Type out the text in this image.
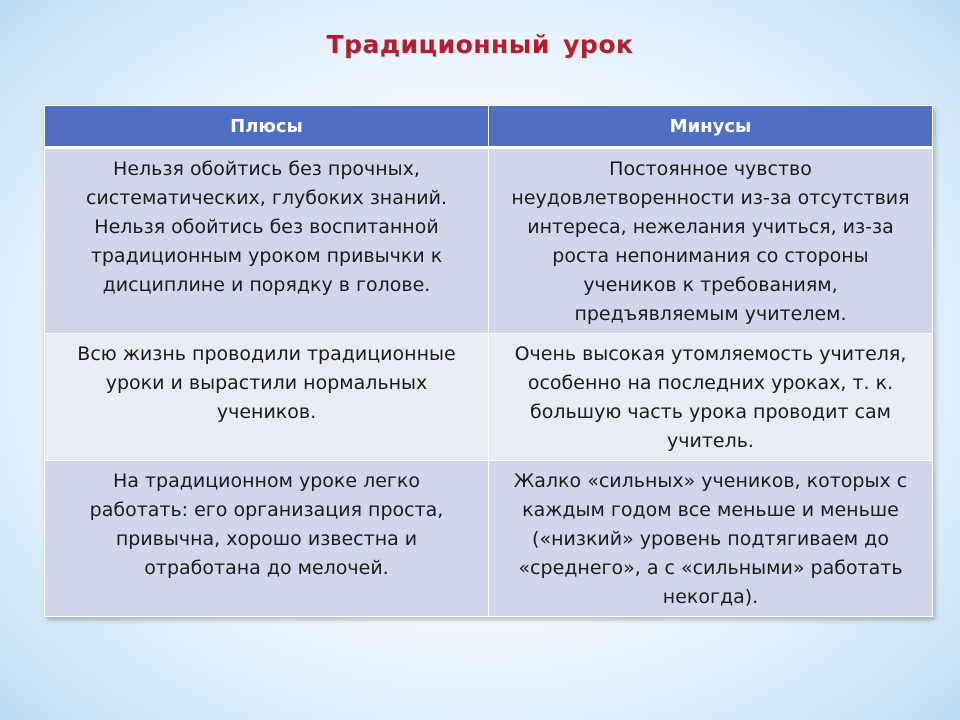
Традиционный урок
Плюсы	Минусы
Нельзя обойтись без прочных, систематических, глубоких знаний. Нельзя обойтись без воспитанной традиционным уроком привычки к дисциплине и порядку в голове.	Постоянное чувство неудовлетворенности из-за отсутствия интереса, нежелания учиться, из-за роста непонимания со стороны учеников к требованиям, предъявляемым учителем.
Всю жизнь проводили традиционные уроки и вырастили нормальных учеников.	Очень высокая утомляемость учителя, особенно на последних уроках, т. к. большую часть урока проводит сам учитель.
На традиционном уроке легко работать: его организация проста, привычна, хорошо известна и отработана до мелочей.	Жалко «сильных» учеников, которых с каждым годом все меньше и меньше («низкий» уровень подтягиваем до «среднего», а с «сильными» работать некогда).
